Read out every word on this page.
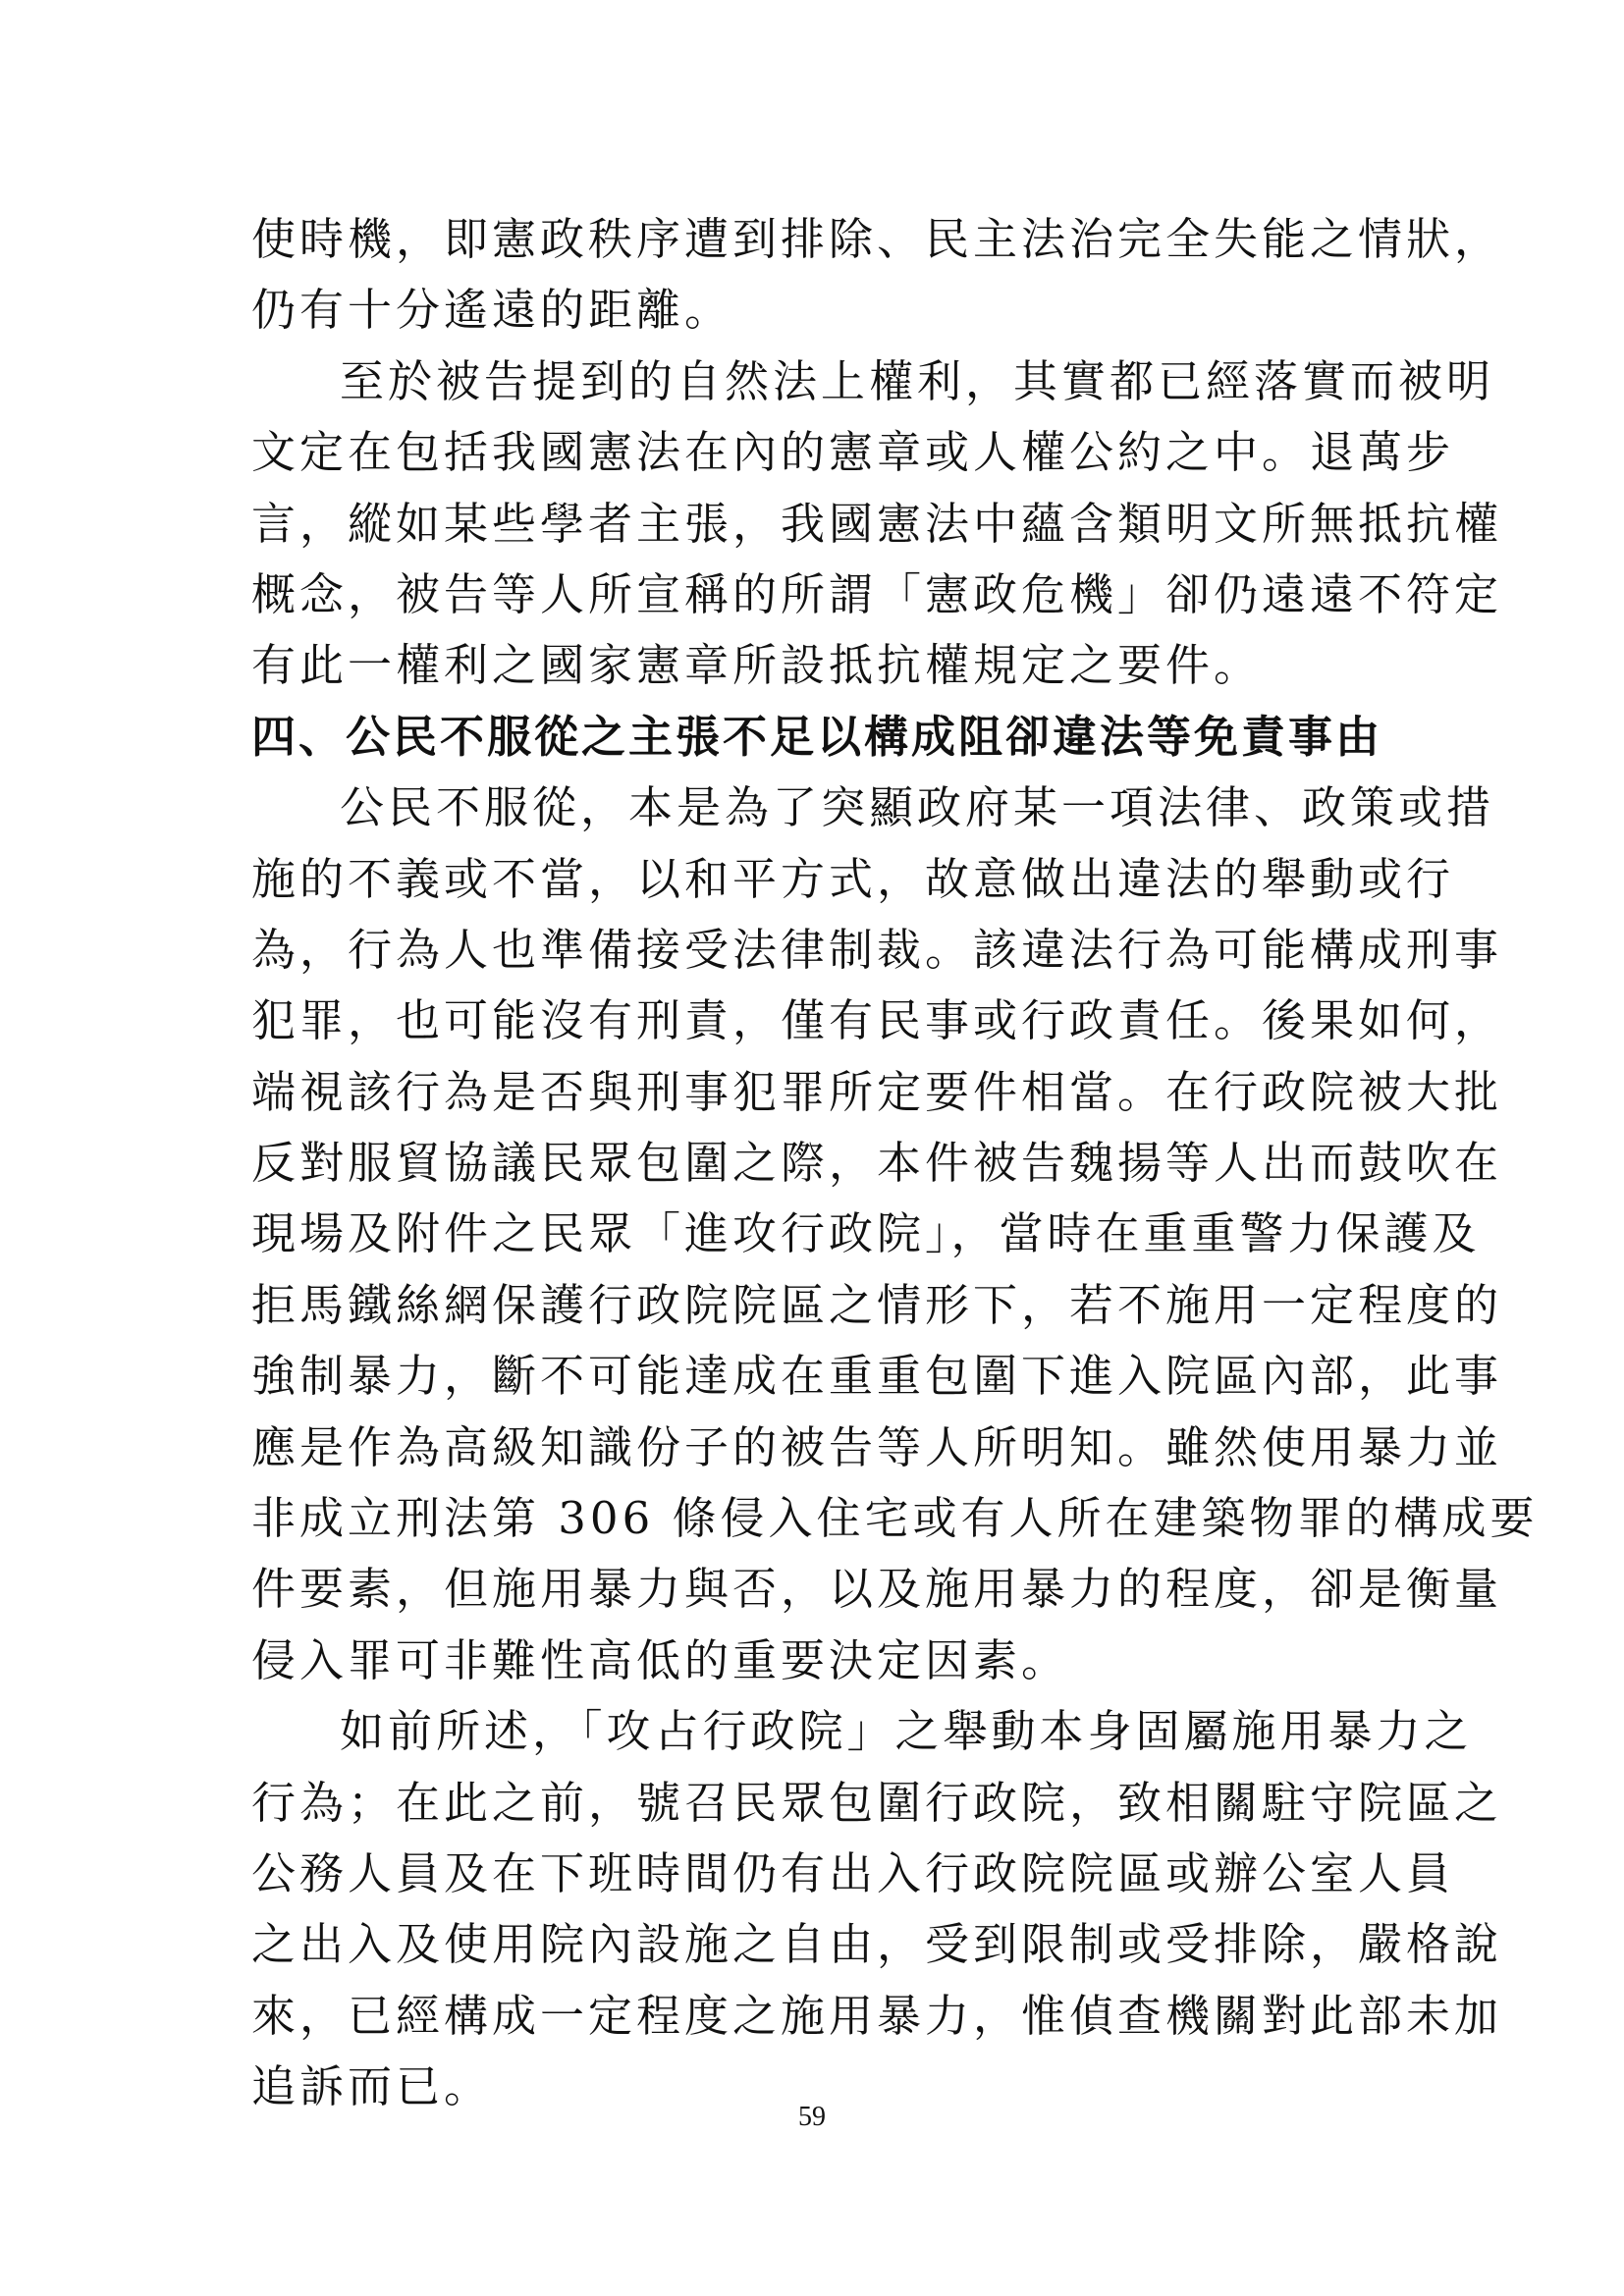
使時機，即憲政秩序遭到排除、民主法治完全失能之情狀，
仍有十分遙遠的距離。
至於被告提到的自然法上權利，其實都已經落實而被明
文定在包括我國憲法在內的憲章或人權公約之中。退萬步
言，縱如某些學者主張，我國憲法中蘊含類明文所無抵抗權
概念，被告等人所宣稱的所謂「憲政危機」卻仍遠遠不符定
有此一權利之國家憲章所設抵抗權規定之要件。
四、公民不服從之主張不足以構成阻卻違法等免責事由
公民不服從，本是為了突顯政府某一項法律、政策或措
施的不義或不當，以和平方式，故意做出違法的舉動或行
為，行為人也準備接受法律制裁。該違法行為可能構成刑事
犯罪，也可能沒有刑責，僅有民事或行政責任。後果如何，
端視該行為是否與刑事犯罪所定要件相當。在行政院被大批
反對服貿協議民眾包圍之際，本件被告魏揚等人出而鼓吹在
現場及附件之民眾「進攻行政院」，當時在重重警力保護及
拒馬鐵絲網保護行政院院區之情形下，若不施用一定程度的
強制暴力，斷不可能達成在重重包圍下進入院區內部，此事
應是作為高級知識份子的被告等人所明知。雖然使用暴力並
非成立刑法第 306 條侵入住宅或有人所在建築物罪的構成要
件要素，但施用暴力與否，以及施用暴力的程度，卻是衡量
侵入罪可非難性高低的重要決定因素。
如前所述，「攻占行政院」之舉動本身固屬施用暴力之
行為；在此之前，號召民眾包圍行政院，致相關駐守院區之
公務人員及在下班時間仍有出入行政院院區或辦公室人員
之出入及使用院內設施之自由，受到限制或受排除，嚴格說
來，已經構成一定程度之施用暴力，惟偵查機關對此部未加
追訴而已。
59
